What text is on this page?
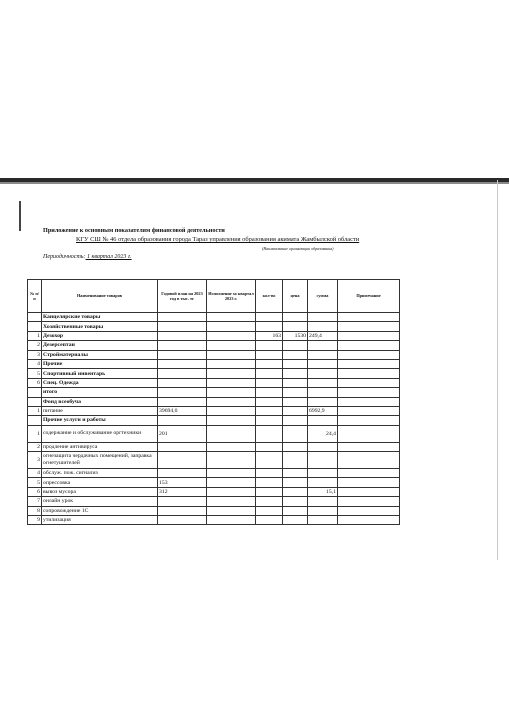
Приложение к основным показателям финансовой деятельности
КГУ СШ № 46 отдела образования города Тараз управления образования акимата Жамбылской области
(Наименование организации образования)
Периодичность: 1 квартал 2023 г.
№ п/п	Наименование товаров	Годовой план на 2023 год в тыс. тг	Исполнение за квартал 2023 г.	кол-во	цена	сумма	Примечание
	Канцелярские товары						
	Хозяйственные товары						
1	Дезохор			163	1530	249,4	
2	Дезерсептан						
3	Стройматериалы						
4	Прочие						
5	Спортивный инвентарь						
6	Спец. Одежда						
	итого						
	Фонд всеобуча						
1	питание	39694,0				6992,9	
	Прочие услуги и работы						
1	содержание и обслуживание оргтехники	201				24,4	
2	продление антивируса						
3	огнезащита чердачных помещений, заправка огнетушителей						
4	обслуж. пож. сигнализ						
5	опрессовка	153					
6	вывоз мусора	312				15,1	
7	онлайн урок						
8	сопровождение 1С						
9	утилизация						
